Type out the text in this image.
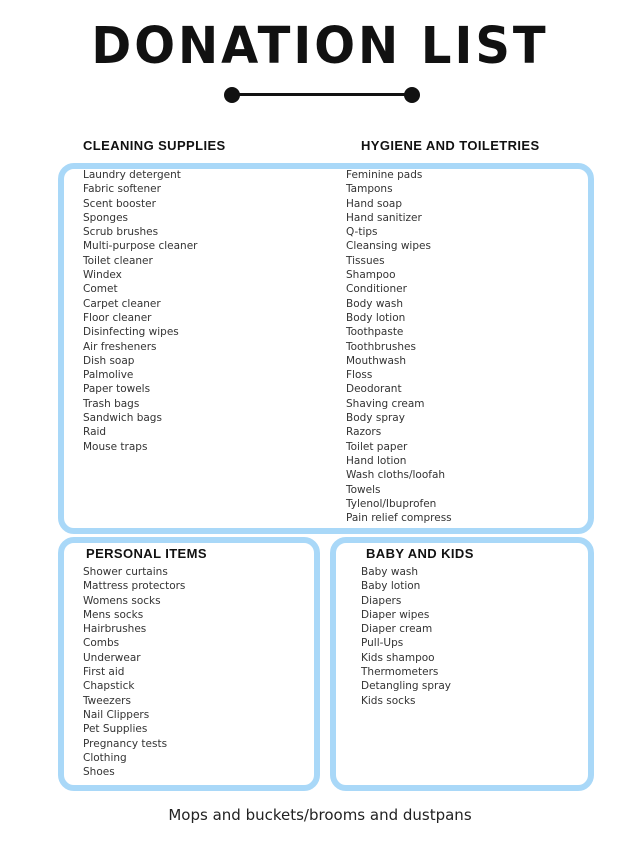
DONATION LIST
CLEANING SUPPLIES	HYGIENE AND TOILETRIES
Laundry detergent
Fabric softener
Scent booster
Sponges
Scrub brushes
Multi-purpose cleaner
Toilet cleaner
Windex
Comet
Carpet cleaner
Floor cleaner
Disinfecting wipes
Air fresheners
Dish soap
Palmolive
Paper towels
Trash bags
Sandwich bags
Raid
Mouse traps
Feminine pads
Tampons
Hand soap
Hand sanitizer
Q-tips
Cleansing wipes
Tissues
Shampoo
Conditioner
Body wash
Body lotion
Toothpaste
Toothbrushes
Mouthwash
Floss
Deodorant
Shaving cream
Body spray
Razors
Toilet paper
Hand lotion
Wash cloths/loofah
Towels
Tylenol/Ibuprofen
Pain relief compress
PERSONAL ITEMS
Shower curtains
Mattress protectors
Womens socks
Mens socks
Hairbrushes
Combs
Underwear
First aid
Chapstick
Tweezers
Nail Clippers
Pet Supplies
Pregnancy tests
Clothing
Shoes
BABY AND KIDS
Baby wash
Baby lotion
Diapers
Diaper wipes
Diaper cream
Pull-Ups
Kids shampoo
Thermometers
Detangling spray
Kids socks
Mops and buckets/brooms and dustpans
